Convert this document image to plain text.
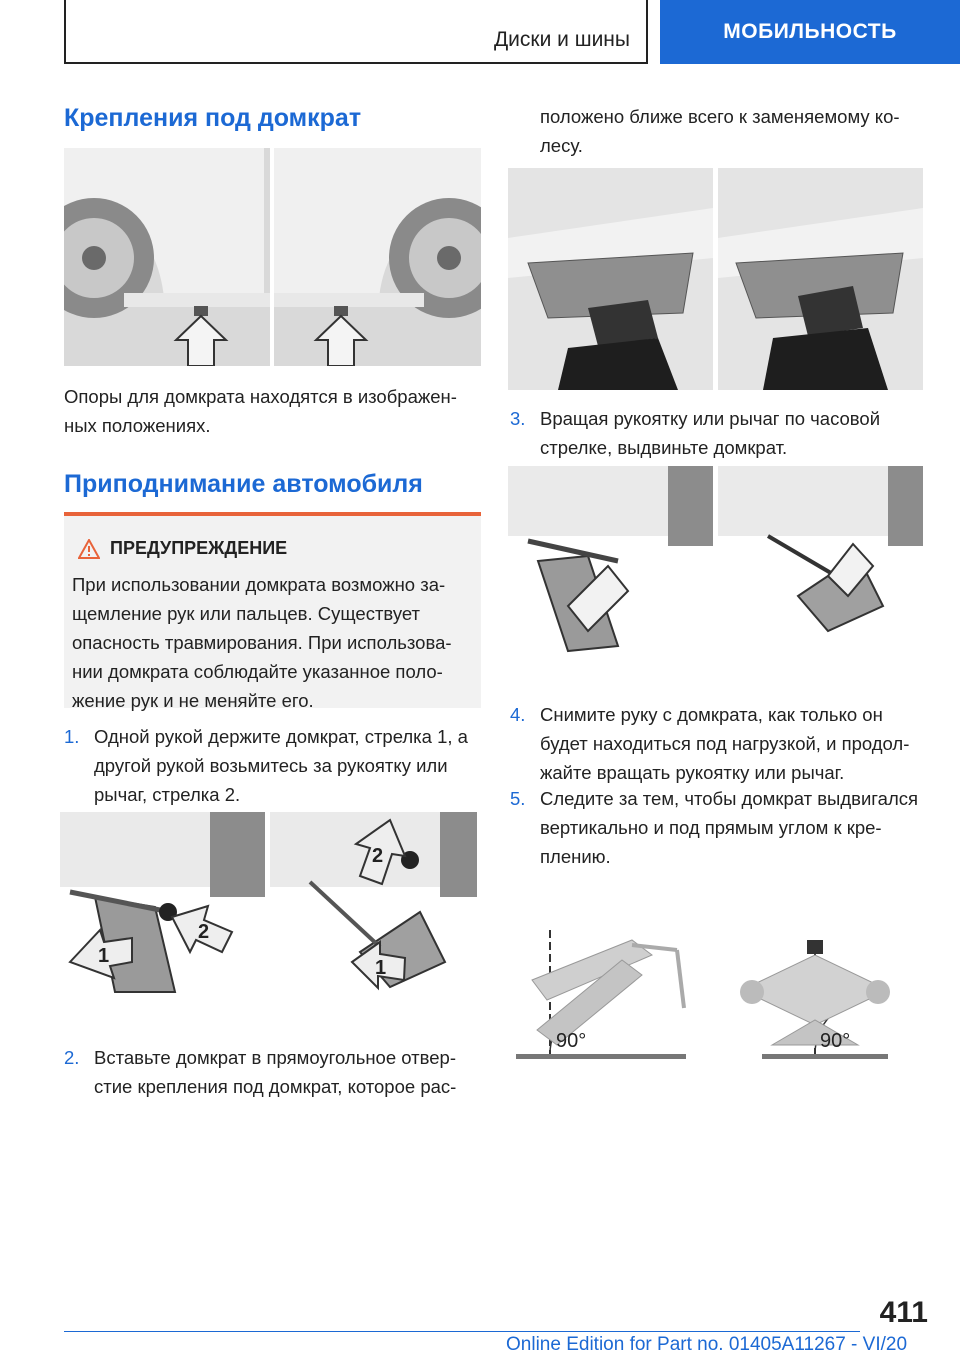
Диски и шины	МОБИЛЬНОСТЬ
Крепления под домкрат
Опоры для домкрата находятся в изображен-
ных положениях.
Приподнимание автомобиля
ПРЕДУПРЕЖДЕНИЕ
При использовании домкрата возможно за-
щемление рук или пальцев. Существует
опасность травмирования. При использова-
нии домкрата соблюдайте указанное поло-
жение рук и не меняйте его.
1. Одной рукой держите домкрат, стрелка 1, а
другой рукой возьмитесь за рукоятку или
рычаг, стрелка 2.
1
2
2
1
2. Вставьте домкрат в прямоугольное отвер-
стие крепления под домкрат, которое рас-
положено ближе всего к заменяемому ко-
лесу.
3. Вращая рукоятку или рычаг по часовой
стрелке, выдвиньте домкрат.
4. Снимите руку с домкрата, как только он
будет находиться под нагрузкой, и продол-
жайте вращать рукоятку или рычаг.
5. Следите за тем, чтобы домкрат выдвигался
вертикально и под прямым углом к кре-
плению.
90°	90°
411
Online Edition for Part no. 01405A11267 - VI/20
